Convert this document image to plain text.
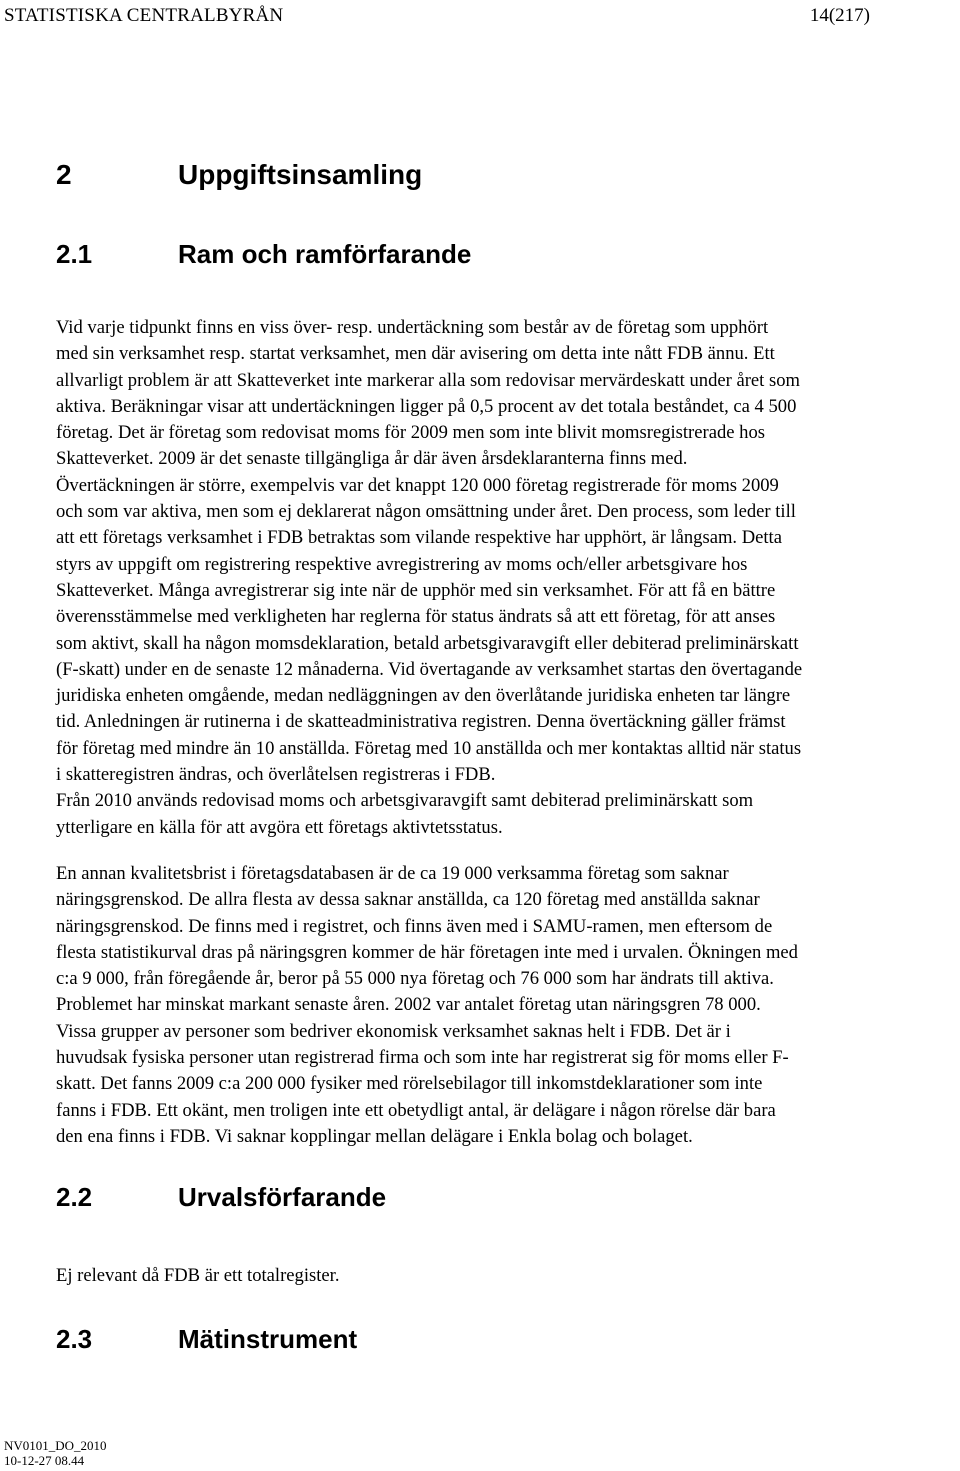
STATISTISKA CENTRALBYRÅN	14(217)
2	Uppgiftsinsamling
2.1	Ram och ramförfarande
Vid varje tidpunkt finns en viss över- resp. undertäckning som består av de företag som upphört
med sin verksamhet resp. startat verksamhet, men där avisering om detta inte nått FDB ännu. Ett
allvarligt problem är att Skatteverket inte markerar alla som redovisar mervärdeskatt under året som
aktiva. Beräkningar visar att undertäckningen ligger på 0,5 procent av det totala beståndet, ca 4 500
företag. Det är företag som redovisat moms för 2009 men som inte blivit momsregistrerade hos
Skatteverket. 2009 är det senaste tillgängliga år där även årsdeklaranterna finns med.
Övertäckningen är större, exempelvis var det knappt 120 000 företag registrerade för moms 2009
och som var aktiva, men som ej deklarerat någon omsättning under året. Den process, som leder till
att ett företags verksamhet i FDB betraktas som vilande respektive har upphört, är långsam. Detta
styrs av uppgift om registrering respektive avregistrering av moms och/eller arbetsgivare hos
Skatteverket. Många avregistrerar sig inte när de upphör med sin verksamhet. För att få en bättre
överensstämmelse med verkligheten har reglerna för status ändrats så att ett företag, för att anses
som aktivt, skall ha någon momsdeklaration, betald arbetsgivaravgift eller debiterad preliminärskatt
(F-skatt) under en de senaste 12 månaderna. Vid övertagande av verksamhet startas den övertagande
juridiska enheten omgående, medan nedläggningen av den överlåtande juridiska enheten tar längre
tid. Anledningen är rutinerna i de skatteadministrativa registren. Denna övertäckning gäller främst
för företag med mindre än 10 anställda. Företag med 10 anställda och mer kontaktas alltid när status
i skatteregistren ändras, och överlåtelsen registreras i FDB.
Från 2010 används redovisad moms och arbetsgivaravgift samt debiterad preliminärskatt som
ytterligare en källa för att avgöra ett företags aktivtetsstatus.
En annan kvalitetsbrist i företagsdatabasen är de ca 19 000 verksamma företag som saknar
näringsgrenskod. De allra flesta av dessa saknar anställda, ca 120 företag med anställda saknar
näringsgrenskod. De finns med i registret, och finns även med i SAMU-ramen, men eftersom de
flesta statistikurval dras på näringsgren kommer de här företagen inte med i urvalen. Ökningen med
c:a 9 000, från föregående år, beror på 55 000 nya företag och 76 000 som har ändrats till aktiva.
Problemet har minskat markant senaste åren. 2002 var antalet företag utan näringsgren 78 000.
Vissa grupper av personer som bedriver ekonomisk verksamhet saknas helt i FDB. Det är i
huvudsak fysiska personer utan registrerad firma och som inte har registrerat sig för moms eller F-
skatt. Det fanns 2009 c:a 200 000 fysiker med rörelsebilagor till inkomstdeklarationer som inte
fanns i FDB. Ett okänt, men troligen inte ett obetydligt antal, är delägare i någon rörelse där bara
den ena finns i FDB. Vi saknar kopplingar mellan delägare i Enkla bolag och bolaget.
2.2	Urvalsförfarande
Ej relevant då FDB är ett totalregister.
2.3	Mätinstrument
NV0101_DO_2010
10-12-27 08.44
